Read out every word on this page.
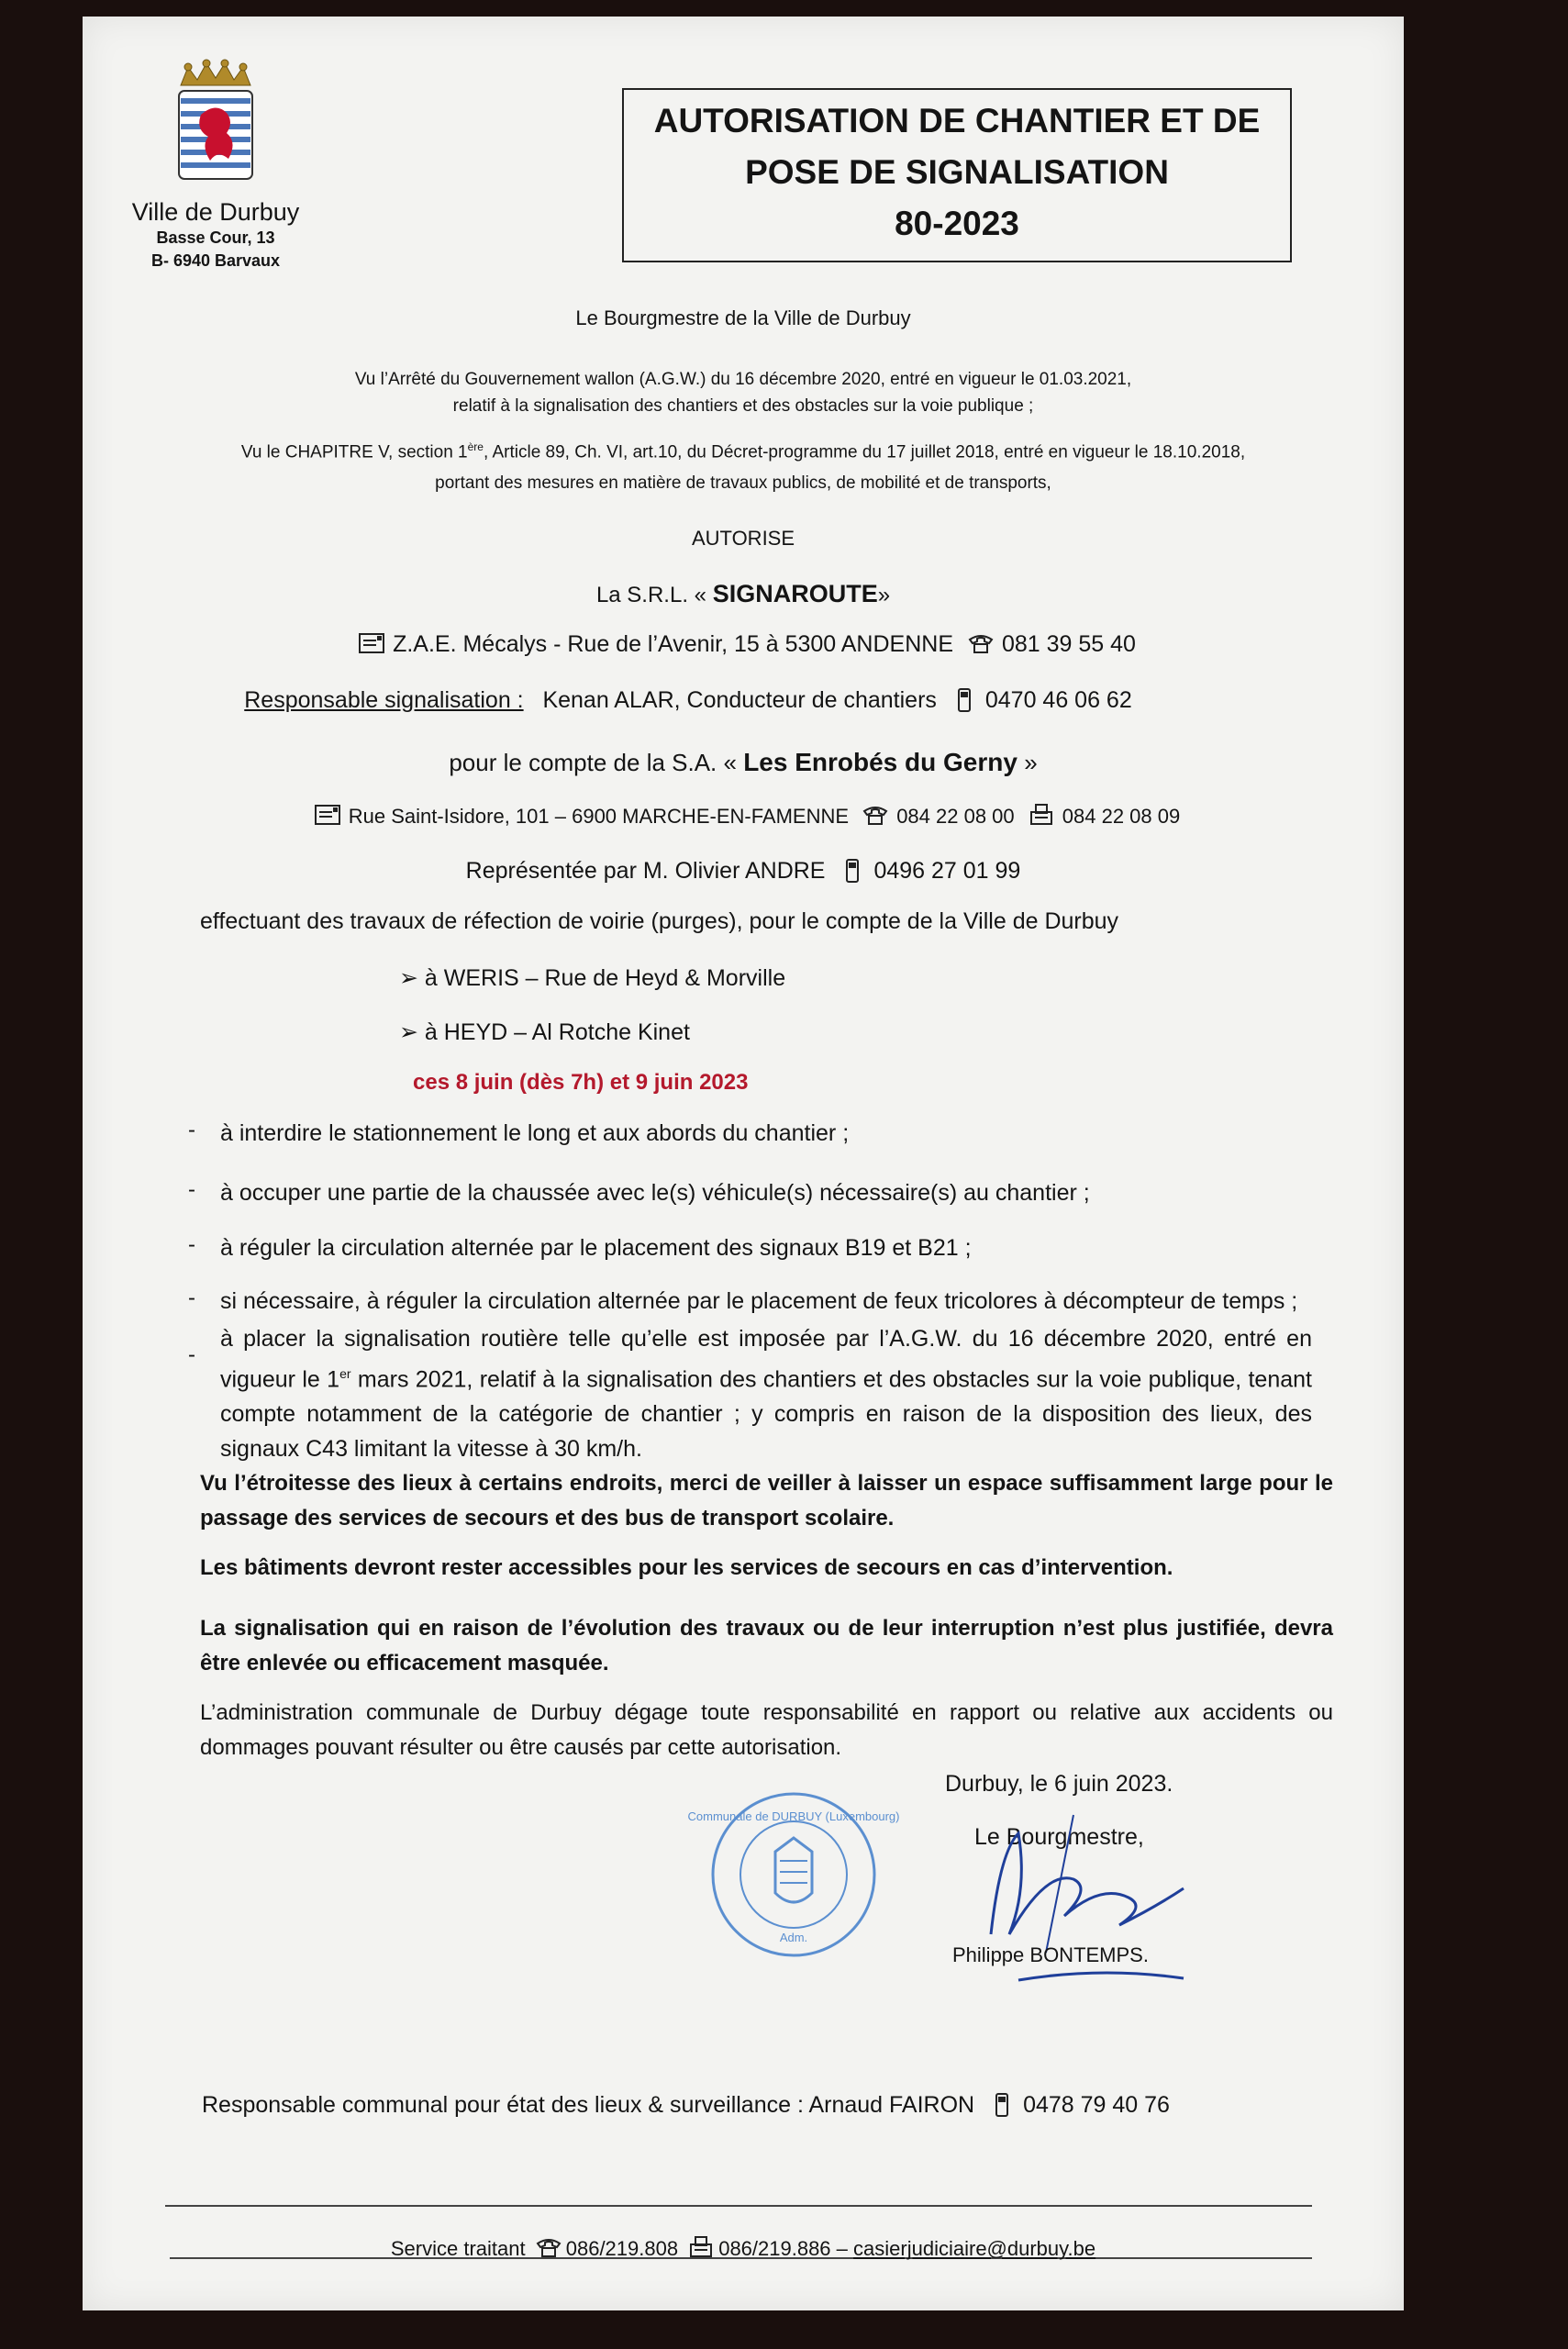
Ville de Durbuy
Basse Cour, 13
B- 6940 Barvaux
AUTORISATION DE CHANTIER ET DE
POSE DE SIGNALISATION
80-2023
Le Bourgmestre de la Ville de Durbuy
Vu l’Arrêté du Gouvernement wallon (A.G.W.) du 16 décembre 2020, entré en vigueur le 01.03.2021,
relatif à la signalisation des chantiers et des obstacles sur la voie publique ;
Vu le CHAPITRE V, section 1ère, Article 89, Ch. VI, art.10, du Décret-programme du 17 juillet 2018, entré en vigueur le 18.10.2018,
portant des mesures en matière de travaux publics, de mobilité et de transports,
AUTORISE
La S.R.L. « SIGNAROUTE»
Z.A.E. Mécalys - Rue de l’Avenir, 15 à 5300 ANDENNE 081 39 55 40
Responsable signalisation : Kenan ALAR, Conducteur de chantiers 0470 46 06 62
pour le compte de la S.A. « Les Enrobés du Gerny »
Rue Saint-Isidore, 101 – 6900 MARCHE-EN-FAMENNE 084 22 08 00 084 22 08 09
Représentée par M. Olivier ANDRE 0496 27 01 99
effectuant des travaux de réfection de voirie (purges), pour le compte de la Ville de Durbuy
➢ à WERIS – Rue de Heyd & Morville
➢ à HEYD – Al Rotche Kinet
ces 8 juin (dès 7h) et 9 juin 2023
- à interdire le stationnement le long et aux abords du chantier ;
- à occuper une partie de la chaussée avec le(s) véhicule(s) nécessaire(s) au chantier ;
- à réguler la circulation alternée par le placement des signaux B19 et B21 ;
- si nécessaire, à réguler la circulation alternée par le placement de feux tricolores à décompteur de temps ;
-
à placer la signalisation routière telle qu’elle est imposée par l’A.G.W. du 16 décembre 2020, entré en vigueur le 1er mars 2021, relatif à la signalisation des chantiers et des obstacles sur la voie publique, tenant compte notamment de la catégorie de chantier ; y compris en raison de la disposition des lieux, des signaux C43 limitant la vitesse à 30 km/h.
Vu l’étroitesse des lieux à certains endroits, merci de veiller à laisser un espace suffisamment large pour le passage des services de secours et des bus de transport scolaire.
Les bâtiments devront rester accessibles pour les services de secours en cas d’intervention.
La signalisation qui en raison de l’évolution des travaux ou de leur interruption n’est plus justifiée, devra être enlevée ou efficacement masquée.
L’administration communale de Durbuy dégage toute responsabilité en rapport ou relative aux accidents ou dommages pouvant résulter ou être causés par cette autorisation.
Communale de DURBUY (Luxembourg)
Adm.
Durbuy, le 6 juin 2023.
Le Bourgmestre,
Philippe BONTEMPS.
Responsable communal pour état des lieux & surveillance : Arnaud FAIRON 0478 79 40 76
Service traitant 086/219.808 086/219.886 – casierjudiciaire@durbuy.be
